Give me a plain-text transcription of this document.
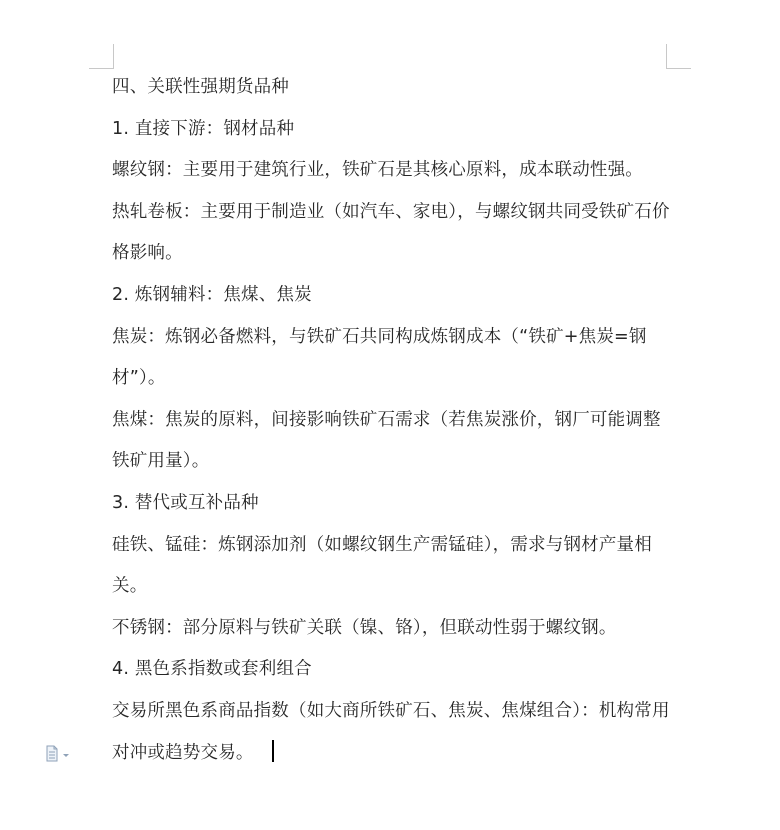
四、关联性强期货品种

1. 直接下游：钢材品种

螺纹钢：主要用于建筑行业，铁矿石是其核心原料，成本联动性强。

热轧卷板：主要用于制造业（如汽车、家电），与螺纹钢共同受铁矿石价格影响。

2. 炼钢辅料：焦煤、焦炭

焦炭：炼钢必备燃料，与铁矿石共同构成炼钢成本（“铁矿+焦炭=钢材”）。

焦煤：焦炭的原料，间接影响铁矿石需求（若焦炭涨价，钢厂可能调整铁矿用量）。

3. 替代或互补品种

硅铁、锰硅：炼钢添加剂（如螺纹钢生产需锰硅），需求与钢材产量相关。

不锈钢：部分原料与铁矿关联（镍、铬），但联动性弱于螺纹钢。

4. 黑色系指数或套利组合

交易所黑色系商品指数（如大商所铁矿石、焦炭、焦煤组合）：机构常用对冲或趋势交易。
